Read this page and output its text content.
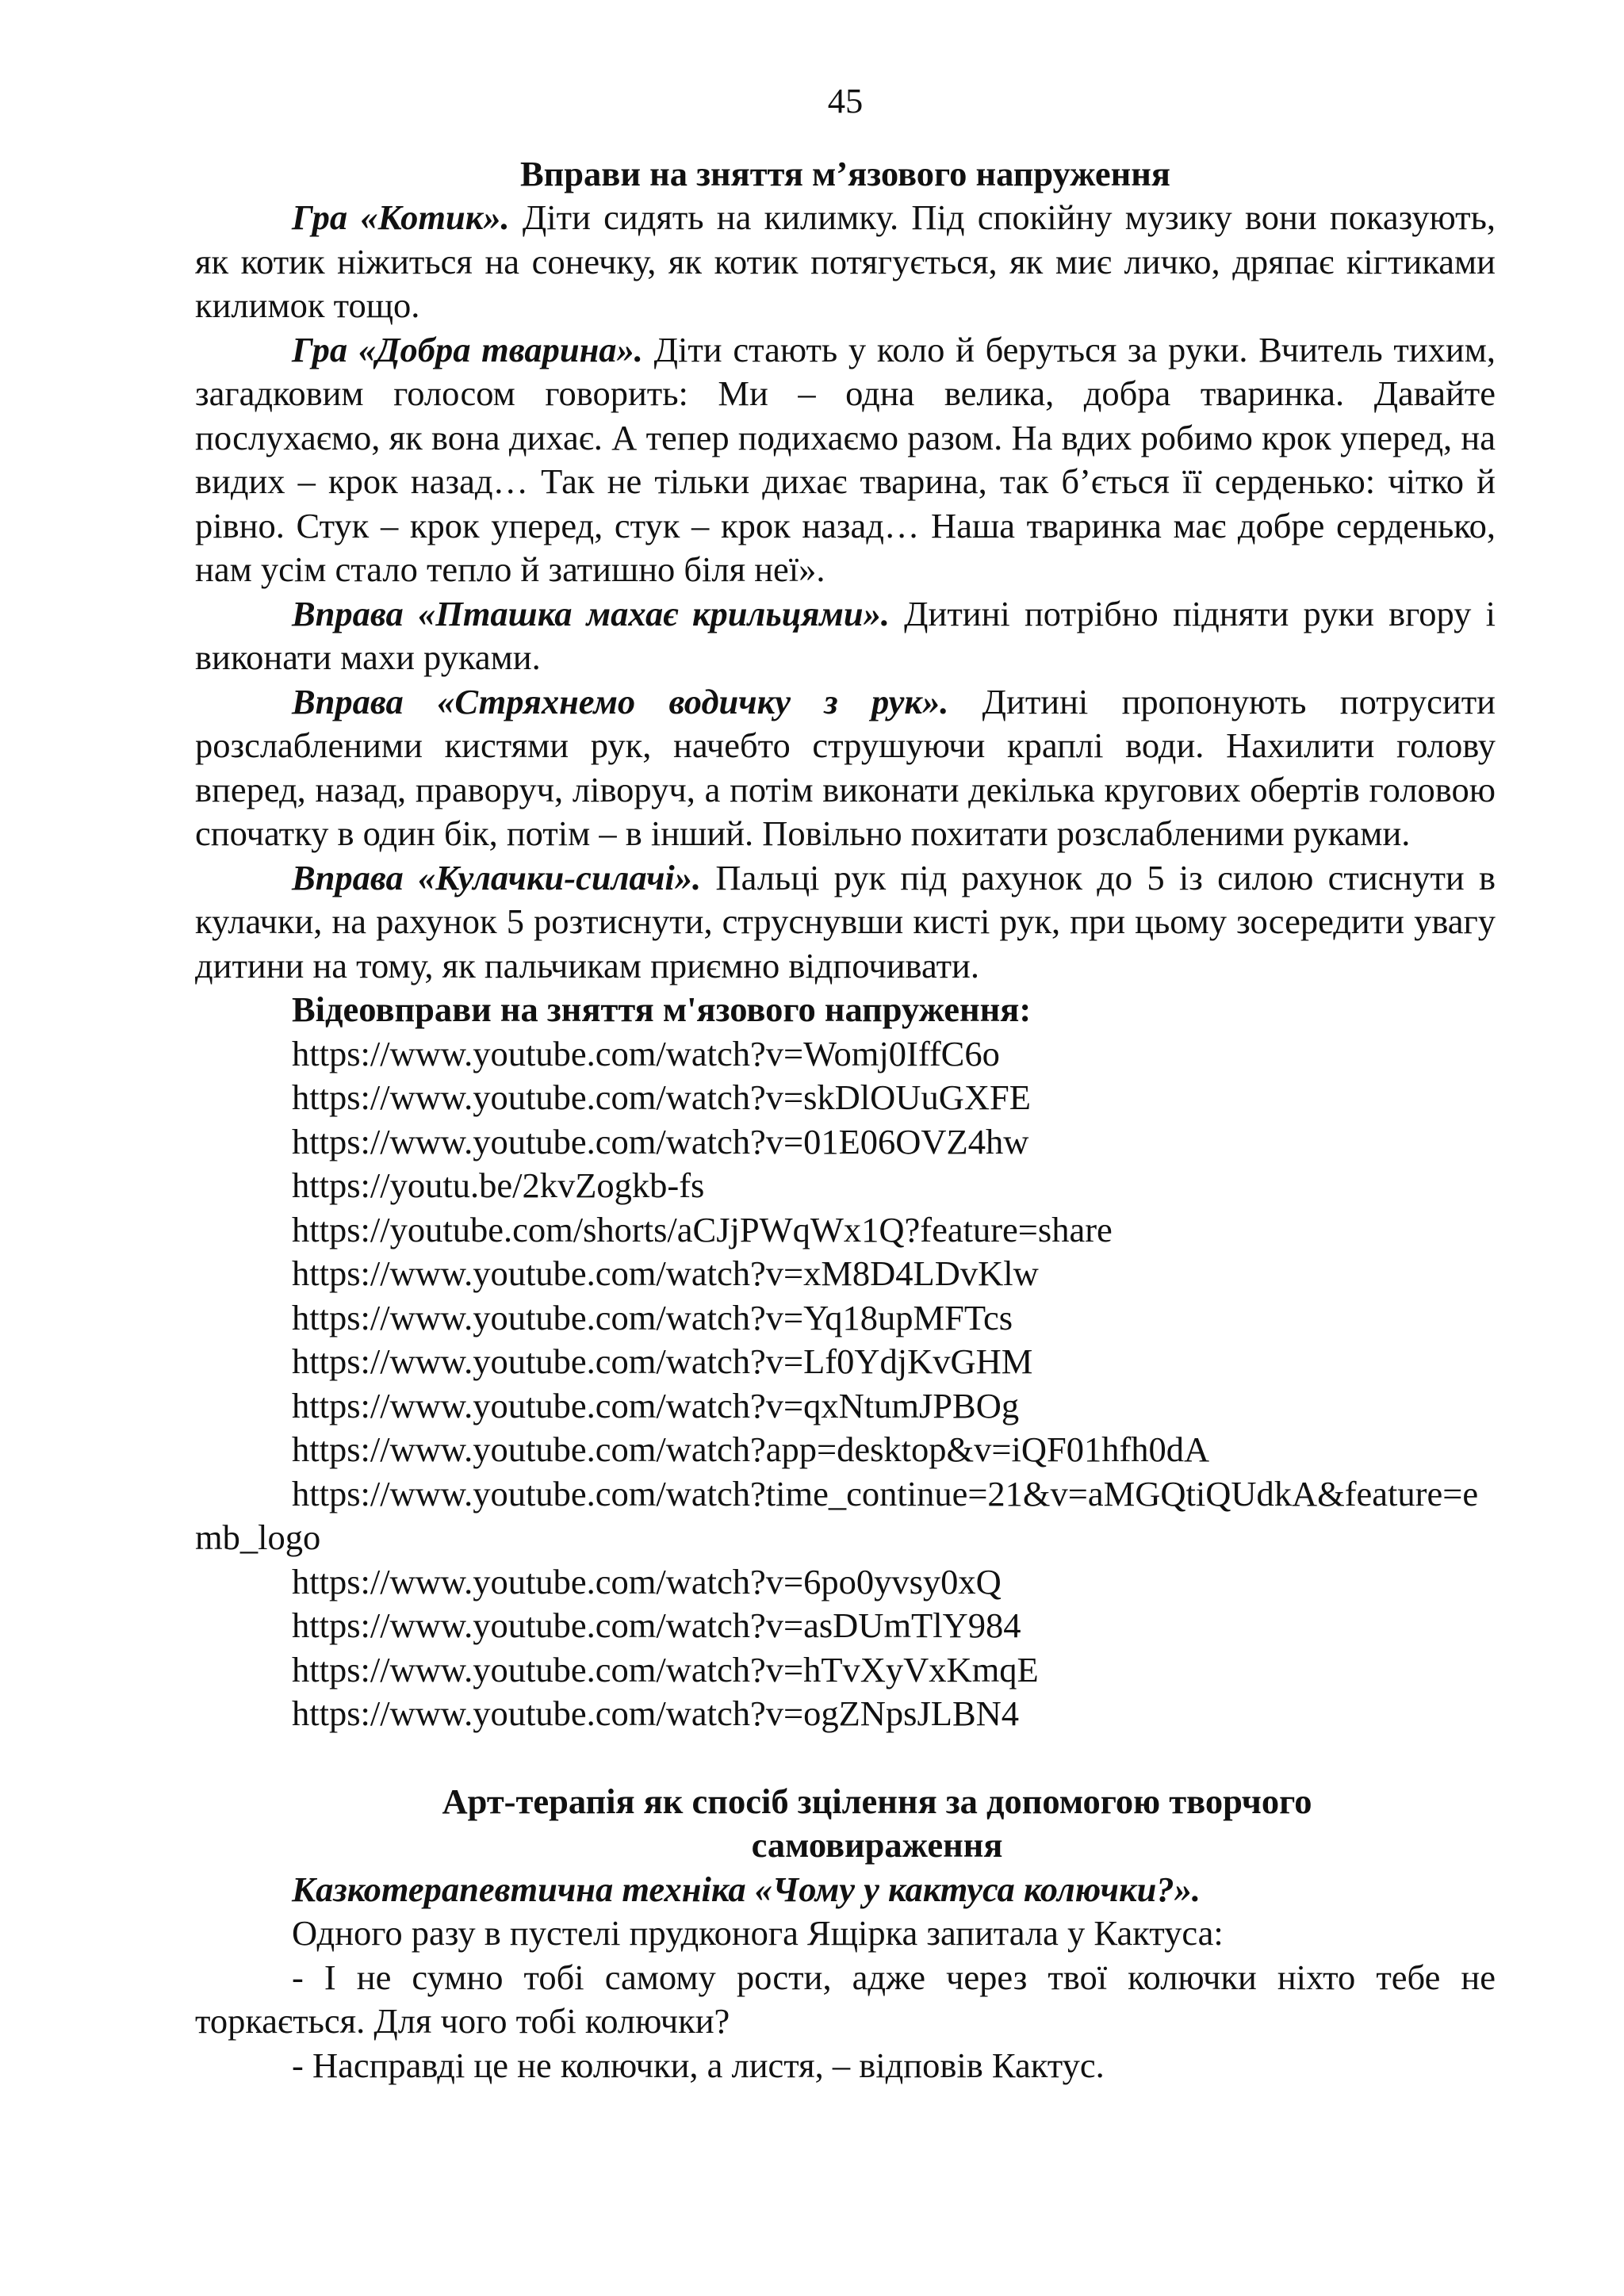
45
Вправи на зняття м’язового напруження
Гра «Котик». Діти сидять на килимку. Під спокійну музику вони показують, як котик ніжиться на сонечку, як котик потягується, як миє личко, дряпає кігтиками килимок тощо.
Гра «Добра тварина». Діти стають у коло й беруться за руки. Вчитель тихим, загадковим голосом говорить: Ми – одна велика, добра тваринка. Давайте послухаємо, як вона дихає. А тепер подихаємо разом. На вдих робимо крок уперед, на видих – крок назад… Так не тільки дихає тварина, так б’ється її серденько: чітко й рівно. Стук – крок уперед, стук – крок назад… Наша тваринка має добре серденько, нам усім стало тепло й затишно біля неї».
Вправа «Пташка махає крильцями». Дитині потрібно підняти руки вгору і виконати махи руками.
Вправа «Стряхнемо водичку з рук». Дитині пропонують потрусити розслабленими кистями рук, начебто струшуючи краплі води. Нахилити голову вперед, назад, праворуч, ліворуч, а потім виконати декілька кругових обертів головою спочатку в один бік, потім – в інший. Повільно похитати розслабленими руками.
Вправа «Кулачки-силачі». Пальці рук під рахунок до 5 із силою стиснути в кулачки, на рахунок 5 розтиснути, струснувши кисті рук, при цьому зосередити увагу дитини на тому, як пальчикам приємно відпочивати.
Відеовправи на зняття м'язового напруження:
https://www.youtube.com/watch?v=Womj0IffC6o
https://www.youtube.com/watch?v=skDlOUuGXFE
https://www.youtube.com/watch?v=01E06OVZ4hw
https://youtu.be/2kvZogkb-fs
https://youtube.com/shorts/aCJjPWqWx1Q?feature=share
https://www.youtube.com/watch?v=xM8D4LDvKlw
https://www.youtube.com/watch?v=Yq18upMFTcs
https://www.youtube.com/watch?v=Lf0YdjKvGHM
https://www.youtube.com/watch?v=qxNtumJPBOg
https://www.youtube.com/watch?app=desktop&v=iQF01hfh0dA
https://www.youtube.com/watch?time_continue=21&v=aMGQtiQUdkA&feature=emb_logo
https://www.youtube.com/watch?v=6po0yvsy0xQ
https://www.youtube.com/watch?v=asDUmTlY984
https://www.youtube.com/watch?v=hTvXyVxKmqE
https://www.youtube.com/watch?v=ogZNpsJLBN4
Арт-терапія як спосіб зцілення за допомогою творчого
самовираження
Казкотерапевтична техніка «Чому у кактуса колючки?».
Одного разу в пустелі прудконога Ящірка запитала у Кактуса:
- І не сумно тобі самому рости, адже через твої колючки ніхто тебе не торкається. Для чого тобі колючки?
- Насправді це не колючки, а листя, – відповів Кактус.
